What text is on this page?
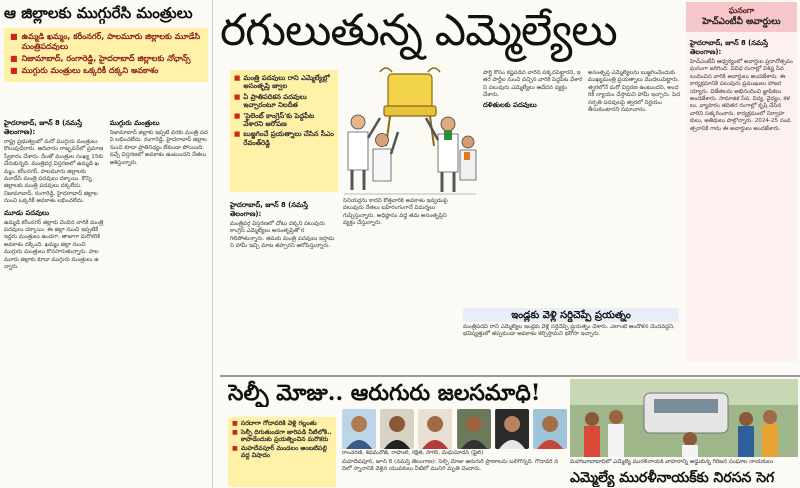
ఆ జిల్లాలకు ముగ్గురేసి మంత్రులు
■ ఉమ్మడి ఖమ్మం, కరీంనగర్, పాలమూరు జిల్లాలకు మూడేసి మంత్రిపదవులు
■ నిజామాబాద్, రంగారెడ్డి, హైదరాబాద్ జిల్లాలకు నోఛాన్స్
■ ముగ్గురు మంత్రులు ఒక్కరికీ దక్కని అవకాశం
హైదరాబాద్, జూన్ 8 (నమస్తే తెలంగాణ):
రాష్ట్ర ప్రభుత్వంలో మరో ముగ్గురు మంత్రులు కొలువుదీరారు. ఆదివారం రాజ్భవన్‌లో ప్రమాణస్వీకారం చేశారు. దీంతో మంత్రుల సంఖ్య 15కు చేరుకున్నది. మంత్రివర్గ విస్తరణలో ఉమ్మడి ఖమ్మం, కరీంనగర్, పాలమూరు జిల్లాలకు మూడేసి మంత్రి పదవులు దక్కాయి. కొన్ని జిల్లాలకు మంత్రి పదవులు దక్కలేదు. నిజామాబాద్, రంగారెడ్డి, హైదరాబాద్ జిల్లాల నుంచి ఒక్కరికీ అవకాశం లభించలేదు.
మూడు పదవులు
ఉమ్మడి కరీంనగర్ జిల్లాకు చెందిన వారికి మంత్రి పదవులు దక్కాయి. ఈ జిల్లా నుంచి ఇప్పటికే ఇద్దరు మంత్రులు ఉండగా, తాజాగా మరొకరికి అవకాశం దక్కింది. ఖమ్మం జిల్లా నుంచి ముగ్గురు మంత్రులు కొనసాగుతున్నారు. పాలమూరు జిల్లాకు కూడా ముగ్గురు మంత్రులు ఉన్నారు.
ముగ్గురు మంత్రులు
నిజామాబాద్ జిల్లాకు ఇప్పటి వరకు మంత్రి పదవి లభించలేదు. రంగారెడ్డి, హైదరాబాద్ జిల్లాల నుంచి కూడా ప్రాతినిధ్యం లేకుండా పోయింది. వచ్చే విస్తరణలో అవకాశం ఉంటుందని నేతలు ఆశిస్తున్నారు.
రగులుతున్న ఎమ్మెల్యేలు
■ మంత్రి పదవులు రాని ఎమ్మెల్యేల్లో అసంతృప్తి జ్వాల
■ ఏ ప్రాతిపదికన పదవులు ఇచ్చారంటూ నిలదీత
■ 'సైలెంట్ కాంగ్రెస్'కు పెద్దపీట వేశారని ఆరోపణ
■ బుజ్జగించే ప్రయత్నాలు చేసిన సీఎం రేవంత్‌రెడ్డి
హైదరాబాద్, జూన్ 8 (నమస్తే తెలంగాణ):
మంత్రివర్గ విస్తరణలో చోటు దక్కని పలువురు కాంగ్రెస్ ఎమ్మెల్యేలు అసంతృప్తితో రగిలిపోతున్నారు. తమకు మంత్రి పదవులు ఇస్తామని హామీ ఇచ్చి మాట తప్పారని ఆరోపిస్తున్నారు.
సీనియర్లను కాదని కొత్తవారికి అవకాశం ఇవ్వడంపై పలువురు నేతలు బహిరంగంగానే విమర్శలు గుప్పిస్తున్నారు. అధిష్ఠానం వద్ద తమ అసంతృప్తిని వ్యక్తం చేస్తున్నారు.
పార్టీ కోసం కష్టపడిన వారిని పక్కనపెట్టారని, ఇతర పార్టీల నుంచి వచ్చిన వారికి పెద్దపీట వేశారని పలువురు ఎమ్మెల్యేలు ఆవేదన వ్యక్తం చేశారు.
దళితులకు పదవులు
అసంతృప్త ఎమ్మెల్యేలను బుజ్జగించేందుకు ముఖ్యమంత్రి ప్రయత్నాలు మొదలుపెట్టారు. త్వరలోనే మరో విస్తరణ ఉంటుందని, అందరికీ న్యాయం చేస్తామని హామీ ఇచ్చారు. పెదసర్పతి పదవులపై త్వరలో నిర్ణయం తీసుకుంటారని సమాచారం.
ఇండ్లకు వెళ్లి సర్దిచెప్పే ప్రయత్నం
మంత్రిపదవి రాని ఎమ్మెల్యేల ఇండ్లకు వెళ్లి సర్దిచెప్పే ప్రయత్నం చేశారు. ఎలాంటి ఆందోళన చెందవద్దని, భవిష్యత్తులో తప్పకుండా అవకాశం కల్పిస్తామని భరోసా ఇచ్చారు.
ఘనంగా
హెచ్ఎంటీవీ అవార్డులు
హైదరాబాద్, జూన్ 8 (నమస్తే తెలంగాణ):
హెచ్ఎంటీవీ ఆధ్వర్యంలో అవార్డుల ప్రదానోత్సవం ఘనంగా జరిగింది. వివిధ రంగాల్లో విశిష్ట సేవలందించిన వారికి అవార్డులు అందజేశారు. ఈ కార్యక్రమానికి పలువురు ప్రముఖులు హాజరయ్యారు. విజేతలను అభినందించి జ్ఞాపికలు అందజేశారు. సామాజిక సేవ, విద్య, వైద్యం, కళలు, వ్యాపారం తదితర రంగాల్లో కృషి చేసిన వారిని సత్కరించారు. కార్యక్రమంలో నిర్వాహకులు, అతిథులు పాల్గొన్నారు. 2024-25 సంవత్సరానికి గాను ఈ అవార్డులు అందజేశారు.
సెల్ఫీ మోజు.. ఆరుగురు జలసమాధి!
■ సరదాగా గోదావరికి వెళ్లి గల్లంతు
■ సెల్ఫీ దిగుతుండగా జారిపడి నీటిలోకి.. కాపాడేందుకు ప్రయత్నించిన మరొకరు
■ మహదేవపూర్ మండలం అంబటిపల్లి వద్ద విషాదం	రాంచరణ్, శివమనోజ్, రాహుల్, రక్షిత్, సాగర్, మధుసూదన్ (ఫైల్)
మహదేవపూర్, జూన్ 8 (నమస్తే తెలంగాణ): సెల్ఫీ మోజు ఆరుగురి ప్రాణాలను బలిగొన్నది. గోదావరి నదిలో స్నానానికి వెళ్లిన యువకులు నీటిలో మునిగి మృతి చెందారు.
మహాబూబాబాద్‌లో ఎమ్మెల్యే మురళీనాయక్ వాహనాన్ని అడ్డుకున్న గిరిజన సంఘాల నాయకులు
ఎమ్మెల్యే మురళీనాయక్‌కు నిరసన సెగ
